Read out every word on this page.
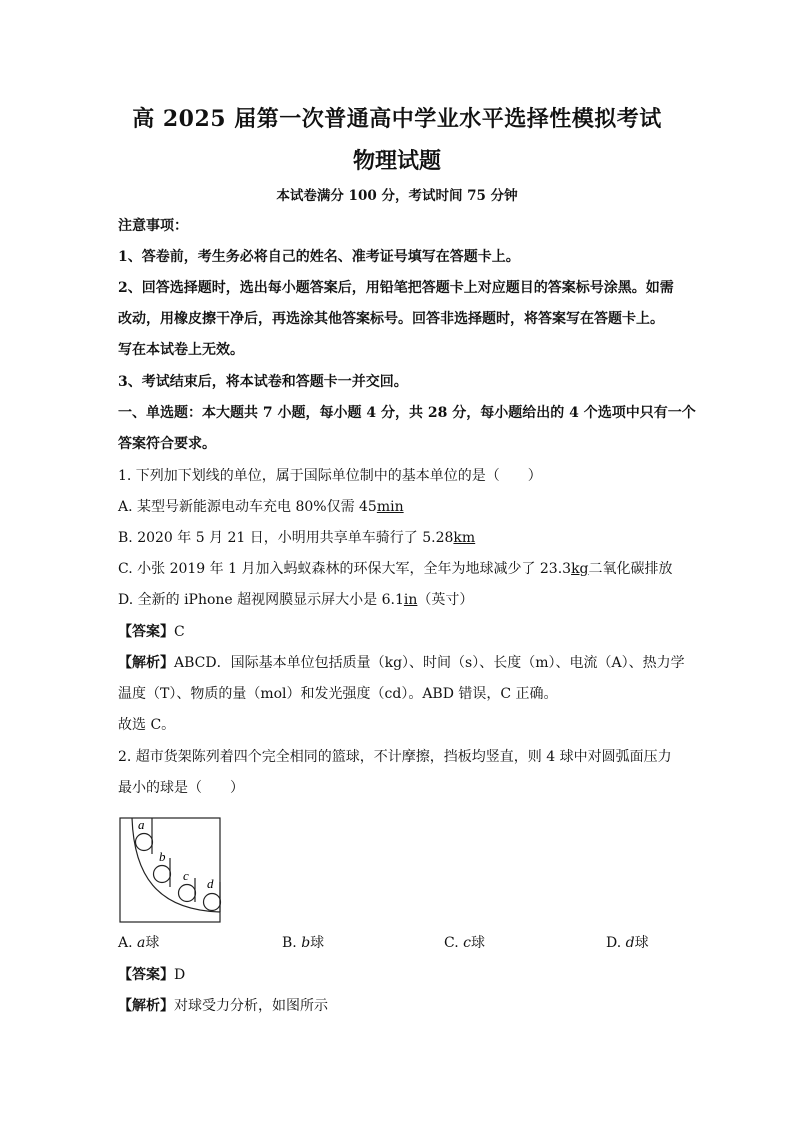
高 2025 届第一次普通高中学业水平选择性模拟考试
物理试题
本试卷满分 100 分，考试时间 75 分钟
注意事项：
1、答卷前，考生务必将自己的姓名、准考证号填写在答题卡上。
2、回答选择题时，选出每小题答案后，用铅笔把答题卡上对应题目的答案标号涂黑。如需
改动，用橡皮擦干净后，再选涂其他答案标号。回答非选择题时，将答案写在答题卡上。
写在本试卷上无效。
3、考试结束后，将本试卷和答题卡一并交回。
一、单选题：本大题共 7 小题，每小题 4 分，共 28 分，每小题给出的 4 个选项中只有一个
答案符合要求。
1. 下列加下划线的单位，属于国际单位制中的基本单位的是（　　）
A. 某型号新能源电动车充电 80%仅需 45min
B. 2020 年 5 月 21 日，小明用共享单车骑行了 5.28km
C. 小张 2019 年 1 月加入蚂蚁森林的环保大军，全年为地球减少了 23.3kg二氧化碳排放
D. 全新的 iPhone 超视网膜显示屏大小是 6.1in（英寸）
【答案】C
【解析】ABCD．国际基本单位包括质量（kg）、时间（s）、长度（m）、电流（A）、热力学
温度（T）、物质的量（mol）和发光强度（cd）。ABD 错误，C 正确。
故选 C。
2. 超市货架陈列着四个完全相同的篮球，不计摩擦，挡板均竖直，则 4 球中对圆弧面压力
最小的球是（　　）
a
b
c
d
A. a球	B. b球	C. c球	D. d球
【答案】D
【解析】对球受力分析，如图所示
